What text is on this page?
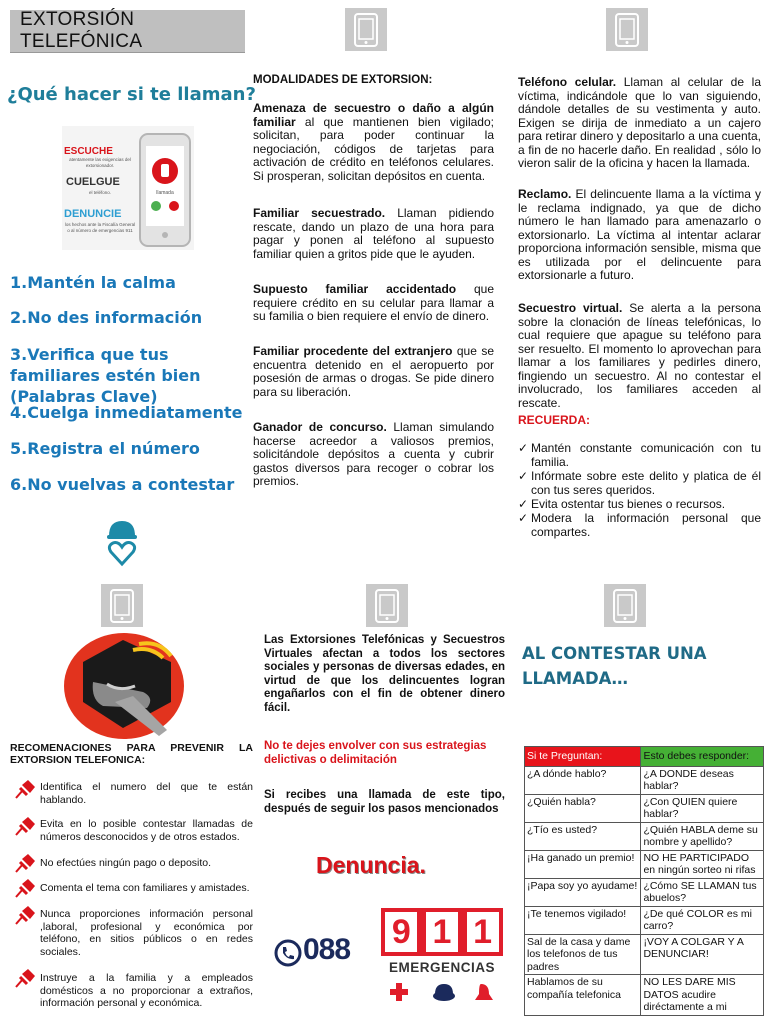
EXTORSIÓN TELEFÓNICA
¿Qué hacer si te llaman?
ESCUCHE
atentamente las exigencias del extorsionador.
CUELGUE
el teléfono.
DENUNCIE
los hechos ante la Fiscalía General o al número de emergencias 911
llamada
1.Mantén la calma
2.No des información
3.Verifica que tus familiares estén bien (Palabras Clave)
4.Cuelga inmediatamente
5.Registra el número
6.No vuelvas a contestar
MODALIDADES DE EXTORSION:
Amenaza de secuestro o daño a algún familiar al que mantienen bien vigilado; solicitan, para poder continuar la negociación, códigos de tarjetas para activación de crédito en teléfonos celulares. Si prosperan, solicitan depósitos en cuenta.
Familiar secuestrado. Llaman pidiendo rescate, dando un plazo de una hora para pagar y ponen al teléfono al supuesto familiar quien a gritos pide que le ayuden.
Supuesto familiar accidentado que requiere crédito en su celular para llamar a su familia o bien requiere el envío de dinero.
Familiar procedente del extranjero que se encuentra detenido en el aeropuerto por posesión de armas o drogas. Se pide dinero para su liberación.
Ganador de concurso. Llaman simulando hacerse acreedor a valiosos premios, solicitándole depósitos a cuenta y cubrir gastos diversos para recoger o cobrar los premios.
Teléfono celular. Llaman al celular de la víctima, indicándole que lo van siguiendo, dándole detalles de su vestimenta y auto. Exigen se dirija de inmediato a un cajero para retirar dinero y depositarlo a una cuenta, a fin de no hacerle daño. En realidad , sólo lo vieron salir de la oficina y hacen la llamada.
Reclamo. El delincuente llama a la víctima y le reclama indignado, ya que de dicho número le han llamado para amenazarlo o extorsionarlo. La víctima al intentar aclarar proporciona información sensible, misma que es utilizada por el delincuente para extorsionarle a futuro.
Secuestro virtual. Se alerta a la persona sobre la clonación de líneas telefónicas, lo cual requiere que apague su teléfono para ser resuelto. El momento lo aprovechan para llamar a los familiares y pedirles dinero, fingiendo un secuestro. Al no contestar el involucrado, los familiares acceden al rescate.
RECUERDA:
✓ Mantén constante comunicación con tu familia.
✓ Infórmate sobre este delito y platica de él con tus seres queridos.
✓ Evita ostentar tus bienes o recursos.
✓ Modera la información personal que compartes.
RECOMENACIONES PARA PREVENIR LA EXTORSION TELEFONICA:
Identifica el numero del que te están hablando.
Evita en lo posible contestar llamadas de números desconocidos y de otros estados.
No efectúes ningún pago o deposito.
Comenta el tema con familiares y amistades.
Nunca proporciones información personal ,laboral, profesional y económica por teléfono, en sitios públicos o en redes sociales.
Instruye a la familia y a empleados domésticos a no proporcionar a extraños, información personal y económica.
Las Extorsiones Telefónicas y Secuestros Virtuales afectan a todos los sectores sociales y personas de diversas edades, en virtud de que los delincuentes logran engañarlos con el fin de obtener dinero fácil.
No te dejes envolver con sus estrategias delictivas o delimitación
Si recibes una llamada de este tipo, después de seguir los pasos mencionados
Denuncia.
088 9 1 1
EMERGENCIAS
AL CONTESTAR UNA LLAMADA…
Si te Preguntan:	Esto debes responder:
¿A dónde hablo?	¿A DONDE deseas hablar?
¿Quién habla?	¿Con QUIEN quiere hablar?
¿Tío es usted?	¿Quién HABLA deme su nombre y apellido?
¡Ha ganado un premio!	NO HE PARTICIPADO en ningún sorteo ni rifas
¡Papa soy yo ayudame!	¿Cómo SE LLAMAN tus abuelos?
¡Te tenemos vigilado!	¿De qué COLOR es mi carro?
Sal de la casa y dame los telefonos de tus padres	¡VOY A COLGAR Y A DENUNCIAR!
Hablamos de su compañía telefonica	NO LES DARE MIS DATOS acudire diréctamente a mi
